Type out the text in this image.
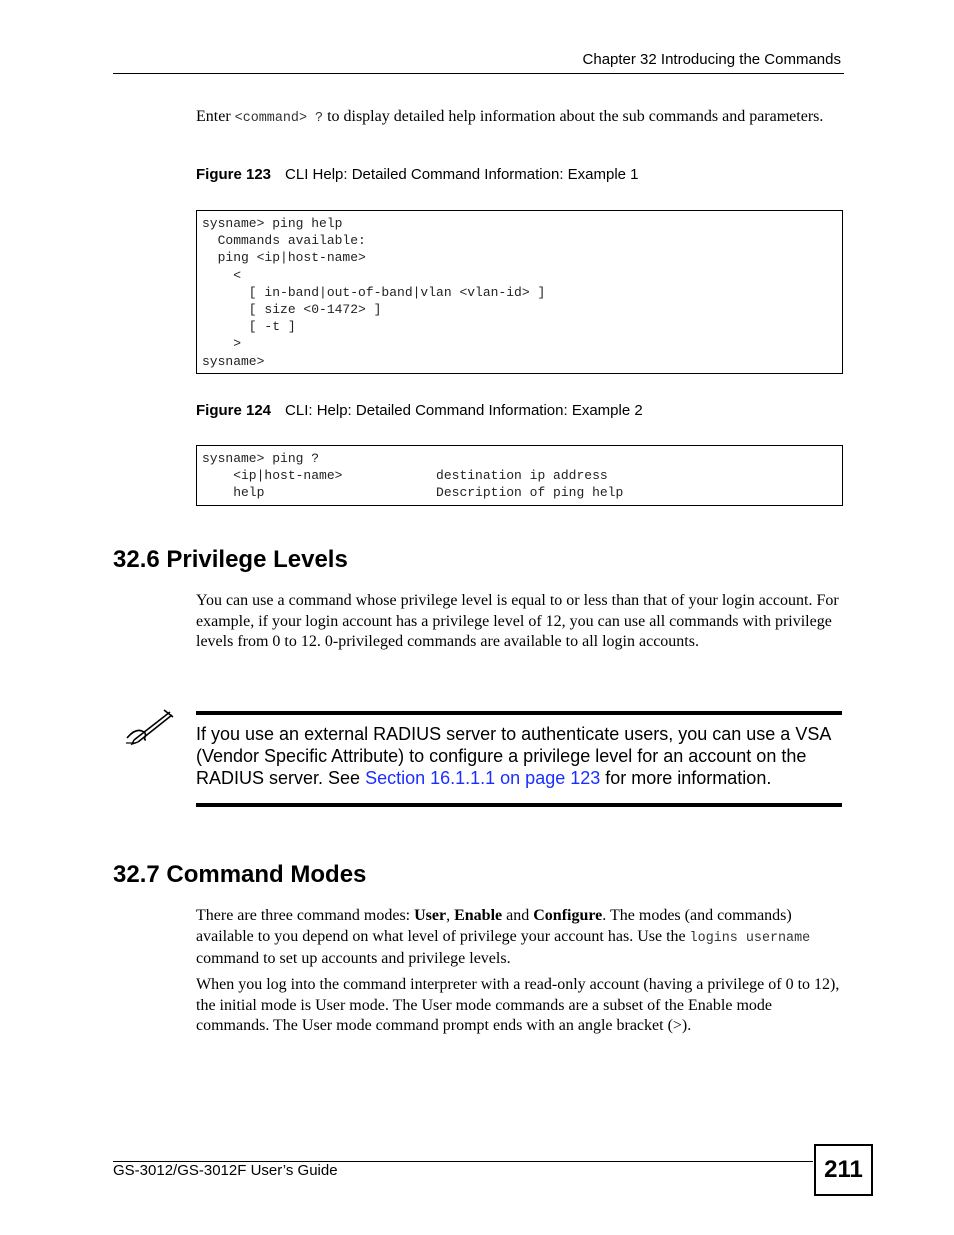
Chapter 32 Introducing the Commands
Enter <command> ? to display detailed help information about the sub commands and parameters.
Figure 123 CLI Help: Detailed Command Information: Example 1
sysname> ping help
Commands available:
ping <ip|host-name>
<
[ in-band|out-of-band|vlan <vlan-id> ]
[ size <0-1472> ]
[ -t ]
>
sysname>
Figure 124 CLI: Help: Detailed Command Information: Example 2
sysname> ping ?
<ip|host-name>            destination ip address
help                      Description of ping help
32.6 Privilege Levels
You can use a command whose privilege level is equal to or less than that of your login account. For example, if your login account has a privilege level of 12, you can use all commands with privilege levels from 0 to 12. 0-privileged commands are available to all login accounts.
If you use an external RADIUS server to authenticate users, you can use a VSA (Vendor Specific Attribute) to configure a privilege level for an account on the RADIUS server. See Section 16.1.1.1 on page 123 for more information.
32.7 Command Modes
There are three command modes: User, Enable and Configure. The modes (and commands) available to you depend on what level of privilege your account has. Use the logins username command to set up accounts and privilege levels.
When you log into the command interpreter with a read-only account (having a privilege of 0 to 12), the initial mode is User mode. The User mode commands are a subset of the Enable mode commands. The User mode command prompt ends with an angle bracket (>).
GS-3012/GS-3012F User’s Guide	211
